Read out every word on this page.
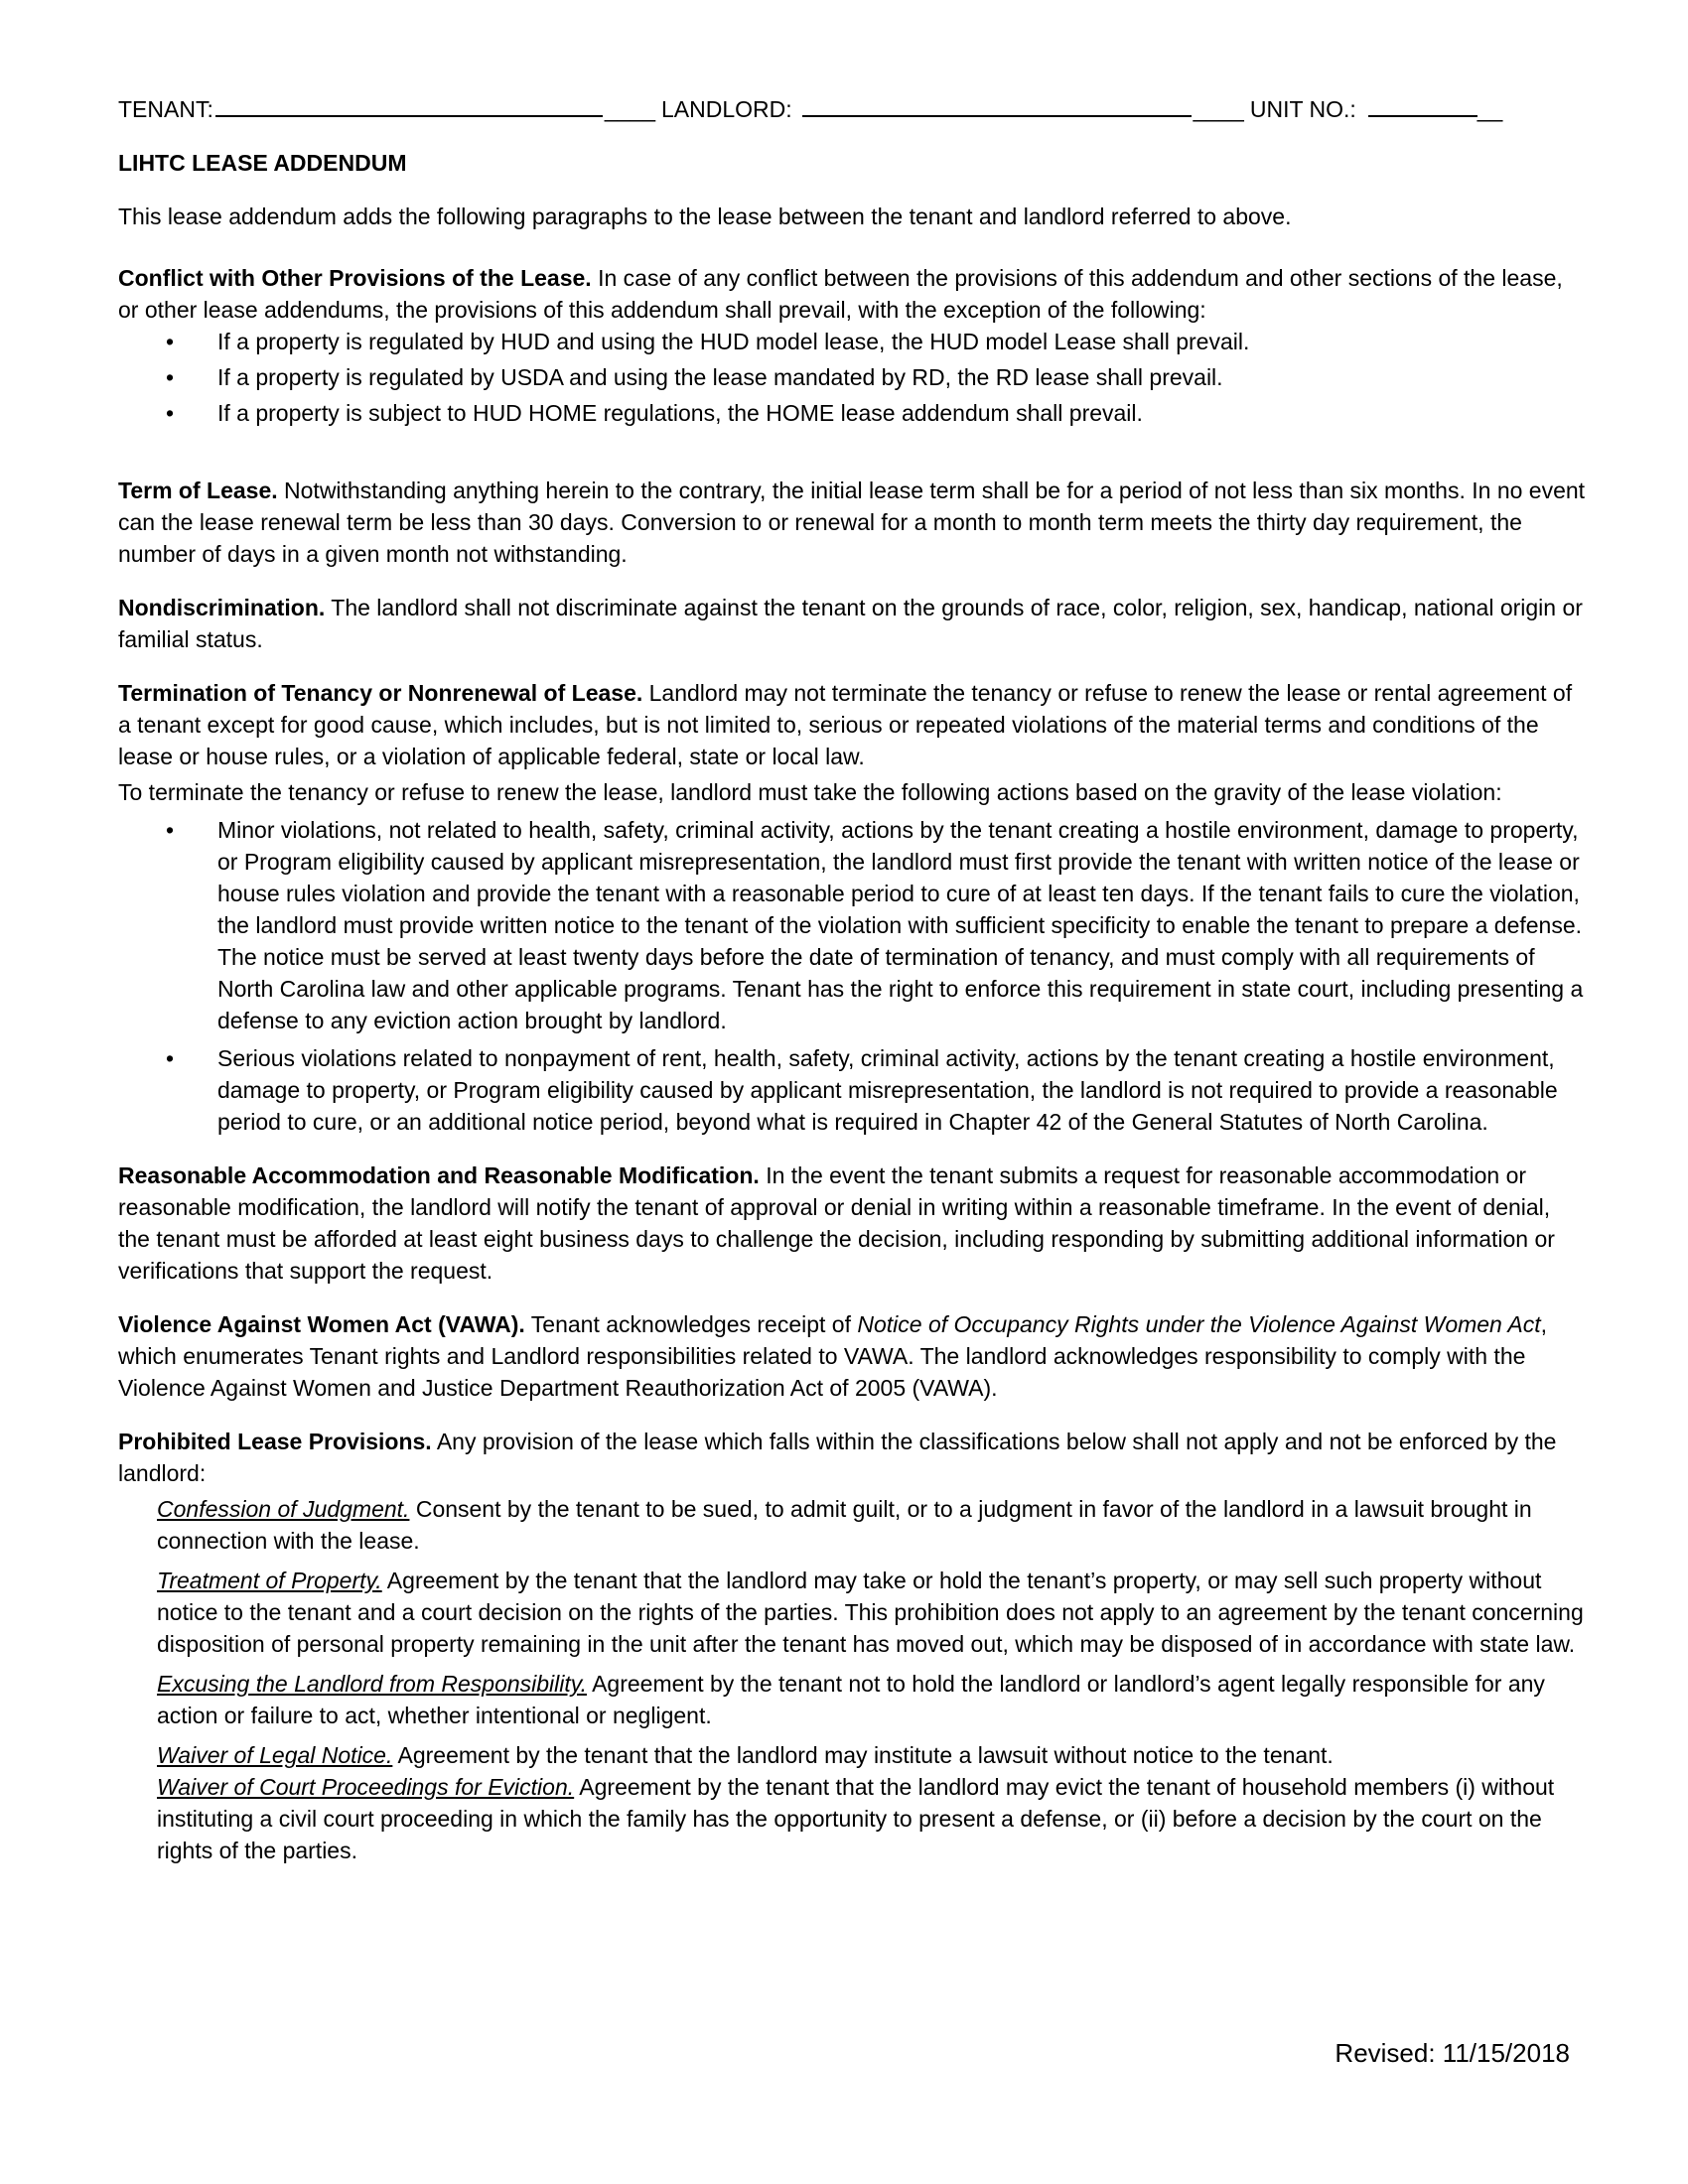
TENANT:	____ LANDLORD:	____ UNIT NO.:	__
LIHTC LEASE ADDENDUM

This lease addendum adds the following paragraphs to the lease between the tenant and landlord referred to above.

Conflict with Other Provisions of the Lease. In case of any conflict between the provisions of this addendum and other sections of the lease, or other lease addendums, the provisions of this addendum shall prevail, with the exception of the following:

• If a property is regulated by HUD and using the HUD model lease, the HUD model Lease shall prevail.
• If a property is regulated by USDA and using the lease mandated by RD, the RD lease shall prevail.
• If a property is subject to HUD HOME regulations, the HOME lease addendum shall prevail.

Term of Lease. Notwithstanding anything herein to the contrary, the initial lease term shall be for a period of not less than six months. In no event can the lease renewal term be less than 30 days. Conversion to or renewal for a month to month term meets the thirty day requirement, the number of days in a given month not withstanding.

Nondiscrimination. The landlord shall not discriminate against the tenant on the grounds of race, color, religion, sex, handicap, national origin or familial status.

Termination of Tenancy or Nonrenewal of Lease. Landlord may not terminate the tenancy or refuse to renew the lease or rental agreement of a tenant except for good cause, which includes, but is not limited to, serious or repeated violations of the material terms and conditions of the lease or house rules, or a violation of applicable federal, state or local law.

To terminate the tenancy or refuse to renew the lease, landlord must take the following actions based on the gravity of the lease violation:

• Minor violations, not related to health, safety, criminal activity, actions by the tenant creating a hostile environment, damage to property, or Program eligibility caused by applicant misrepresentation, the landlord must first provide the tenant with written notice of the lease or house rules violation and provide the tenant with a reasonable period to cure of at least ten days. If the tenant fails to cure the violation, the landlord must provide written notice to the tenant of the violation with sufficient specificity to enable the tenant to prepare a defense. The notice must be served at least twenty days before the date of termination of tenancy, and must comply with all requirements of North Carolina law and other applicable programs. Tenant has the right to enforce this requirement in state court, including presenting a defense to any eviction action brought by landlord.
• Serious violations related to nonpayment of rent, health, safety, criminal activity, actions by the tenant creating a hostile environment, damage to property, or Program eligibility caused by applicant misrepresentation, the landlord is not required to provide a reasonable period to cure, or an additional notice period, beyond what is required in Chapter 42 of the General Statutes of North Carolina.

Reasonable Accommodation and Reasonable Modification. In the event the tenant submits a request for reasonable accommodation or reasonable modification, the landlord will notify the tenant of approval or denial in writing within a reasonable timeframe. In the event of denial, the tenant must be afforded at least eight business days to challenge the decision, including responding by submitting additional information or verifications that support the request.

Violence Against Women Act (VAWA). Tenant acknowledges receipt of Notice of Occupancy Rights under the Violence Against Women Act, which enumerates Tenant rights and Landlord responsibilities related to VAWA. The landlord acknowledges responsibility to comply with the Violence Against Women and Justice Department Reauthorization Act of 2005 (VAWA).

Prohibited Lease Provisions. Any provision of the lease which falls within the classifications below shall not apply and not be enforced by the landlord:

Confession of Judgment. Consent by the tenant to be sued, to admit guilt, or to a judgment in favor of the landlord in a lawsuit brought in connection with the lease.

Treatment of Property. Agreement by the tenant that the landlord may take or hold the tenant’s property, or may sell such property without notice to the tenant and a court decision on the rights of the parties. This prohibition does not apply to an agreement by the tenant concerning disposition of personal property remaining in the unit after the tenant has moved out, which may be disposed of in accordance with state law.

Excusing the Landlord from Responsibility. Agreement by the tenant not to hold the landlord or landlord’s agent legally responsible for any action or failure to act, whether intentional or negligent.

Waiver of Legal Notice. Agreement by the tenant that the landlord may institute a lawsuit without notice to the tenant.

Waiver of Court Proceedings for Eviction. Agreement by the tenant that the landlord may evict the tenant of household members (i) without instituting a civil court proceeding in which the family has the opportunity to present a defense, or (ii) before a decision by the court on the rights of the parties.

Revised: 11/15/2018
